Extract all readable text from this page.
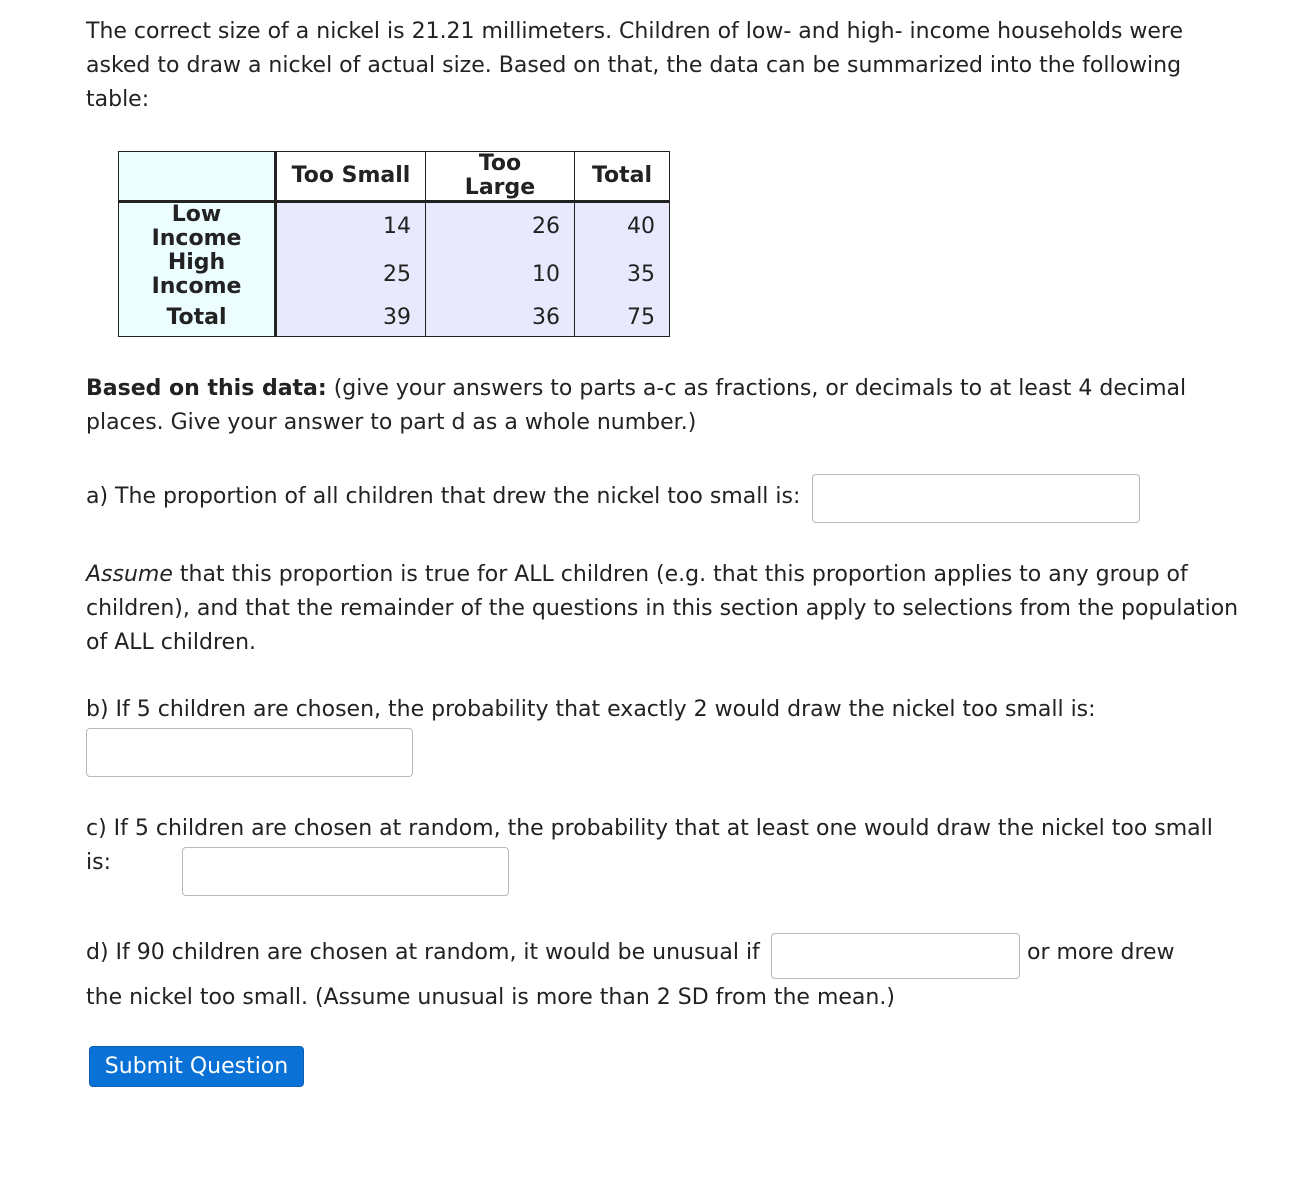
The correct size of a nickel is 21.21 millimeters. Children of low- and high- income households were asked to draw a nickel of actual size. Based on that, the data can be summarized into the following table:

	Too Small	Too Large	Total
Low Income	14	26	40
High Income	25	10	35
Total	39	36	75

Based on this data: (give your answers to parts a-c as fractions, or decimals to at least 4 decimal places. Give your answer to part d as a whole number.)

a) The proportion of all children that drew the nickel too small is:

Assume that this proportion is true for ALL children (e.g. that this proportion applies to any group of children), and that the remainder of the questions in this section apply to selections from the population of ALL children.

b) If 5 children are chosen, the probability that exactly 2 would draw the nickel too small is:

c) If 5 children are chosen at random, the probability that at least one would draw the nickel too small is:

d) If 90 children are chosen at random, it would be unusual if	or more drew

the nickel too small. (Assume unusual is more than 2 SD from the mean.)

Submit Question
